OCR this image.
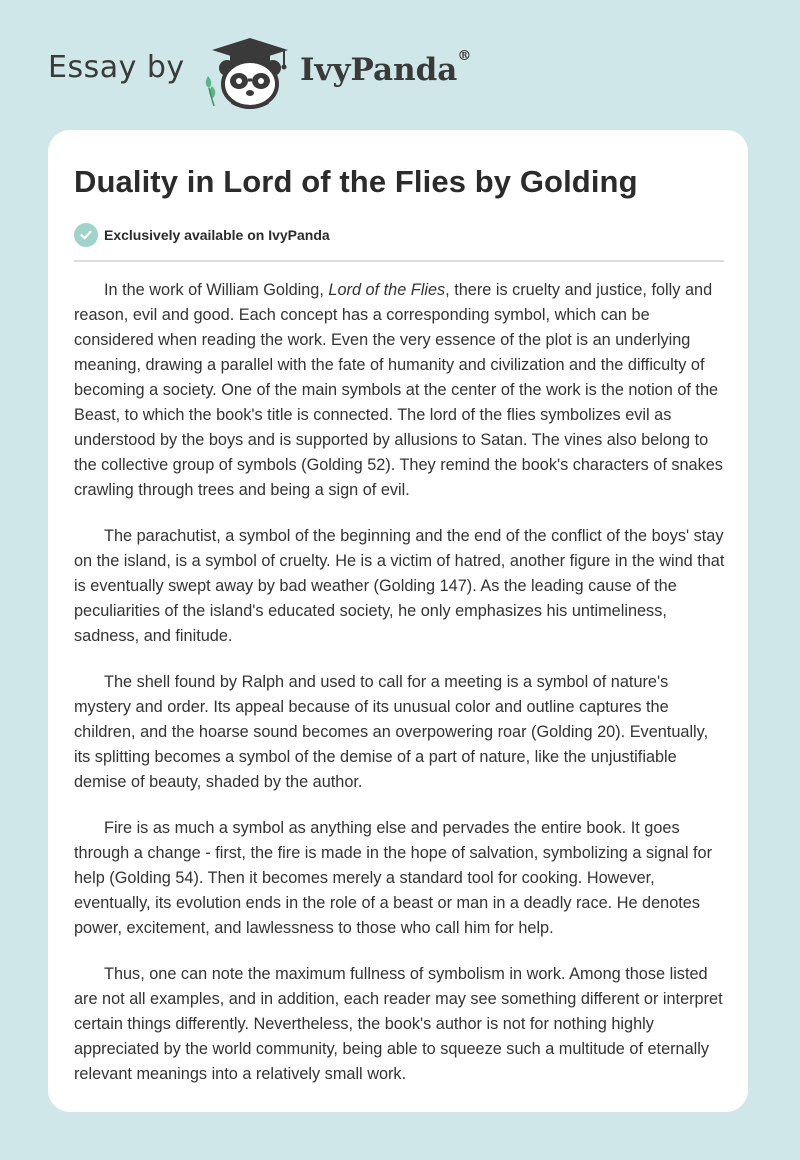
Essay by	IvyPanda®
Duality in Lord of the Flies by Golding
Exclusively available on IvyPanda

In the work of William Golding, Lord of the Flies, there is cruelty and justice, folly and reason, evil and good. Each concept has a corresponding symbol, which can be considered when reading the work. Even the very essence of the plot is an underlying meaning, drawing a parallel with the fate of humanity and civilization and the difficulty of becoming a society. One of the main symbols at the center of the work is the notion of the Beast, to which the book's title is connected. The lord of the flies symbolizes evil as understood by the boys and is supported by allusions to Satan. The vines also belong to the collective group of symbols (Golding 52). They remind the book's characters of snakes crawling through trees and being a sign of evil.

The parachutist, a symbol of the beginning and the end of the conflict of the boys' stay on the island, is a symbol of cruelty. He is a victim of hatred, another figure in the wind that is eventually swept away by bad weather (Golding 147). As the leading cause of the peculiarities of the island's educated society, he only emphasizes his untimeliness, sadness, and finitude.

The shell found by Ralph and used to call for a meeting is a symbol of nature's mystery and order. Its appeal because of its unusual color and outline captures the children, and the hoarse sound becomes an overpowering roar (Golding 20). Eventually, its splitting becomes a symbol of the demise of a part of nature, like the unjustifiable demise of beauty, shaded by the author.

Fire is as much a symbol as anything else and pervades the entire book. It goes through a change - first, the fire is made in the hope of salvation, symbolizing a signal for help (Golding 54). Then it becomes merely a standard tool for cooking. However, eventually, its evolution ends in the role of a beast or man in a deadly race. He denotes power, excitement, and lawlessness to those who call him for help.

Thus, one can note the maximum fullness of symbolism in work. Among those listed are not all examples, and in addition, each reader may see something different or interpret certain things differently. Nevertheless, the book's author is not for nothing highly appreciated by the world community, being able to squeeze such a multitude of eternally relevant meanings into a relatively small work.
